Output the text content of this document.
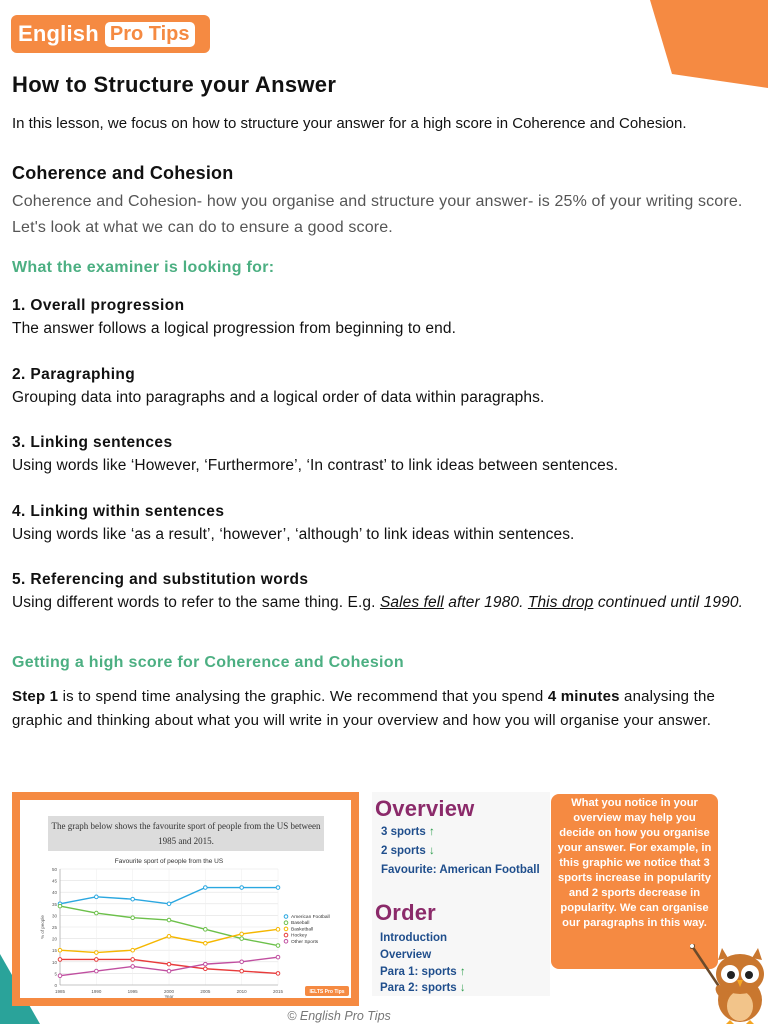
English Pro Tips
How to Structure your Answer

In this lesson, we focus on how to structure your answer for a high score in Coherence and Cohesion.

Coherence and Cohesion

Coherence and Cohesion- how you organise and structure your answer- is 25% of your writing score. Let's look at what we can do to ensure a good score.

What the examiner is looking for:
1. Overall progression
The answer follows a logical progression from beginning to end.
2. Paragraphing
Grouping data into paragraphs and a logical order of data within paragraphs.
3. Linking sentences
Using words like ‘However, ‘Furthermore’, ‘In contrast’ to link ideas between sentences.
4. Linking within sentences
Using words like ‘as a result’, ‘however’, ‘although’ to link ideas within sentences.
5. Referencing and substitution words
Using different words to refer to the same thing. E.g. Sales fell after 1980. This drop continued until 1990.
Getting a high score for Coherence and Cohesion

Step 1 is to spend time analysing the graphic. We recommend that you spend 4 minutes analysing the graphic and thinking about what you will write in your overview and how you will organise your answer.

The graph below shows the favourite sport of people from the US between 1985 and 2015.
Favourite sport of people from the US
0
5
10
15
20
25
30
35
40
45
50
1985	1990	1995	2000	2005	2010	2015
Year
% of people	American Football
Baseball
Basketball
Hockey
Other Sports
IELTS Pro Tips
Overview
3 sports ↑
2 sports ↓
Favourite: American Football
Order
Introduction
Overview
Para 1: sports ↑
Para 2: sports ↓
What you notice in your overview may help you decide on how you organise your answer. For example, in this graphic we notice that 3 sports increase in popularity and 2 sports decrease in popularity. We can organise our paragraphs in this way.
© English Pro Tips
